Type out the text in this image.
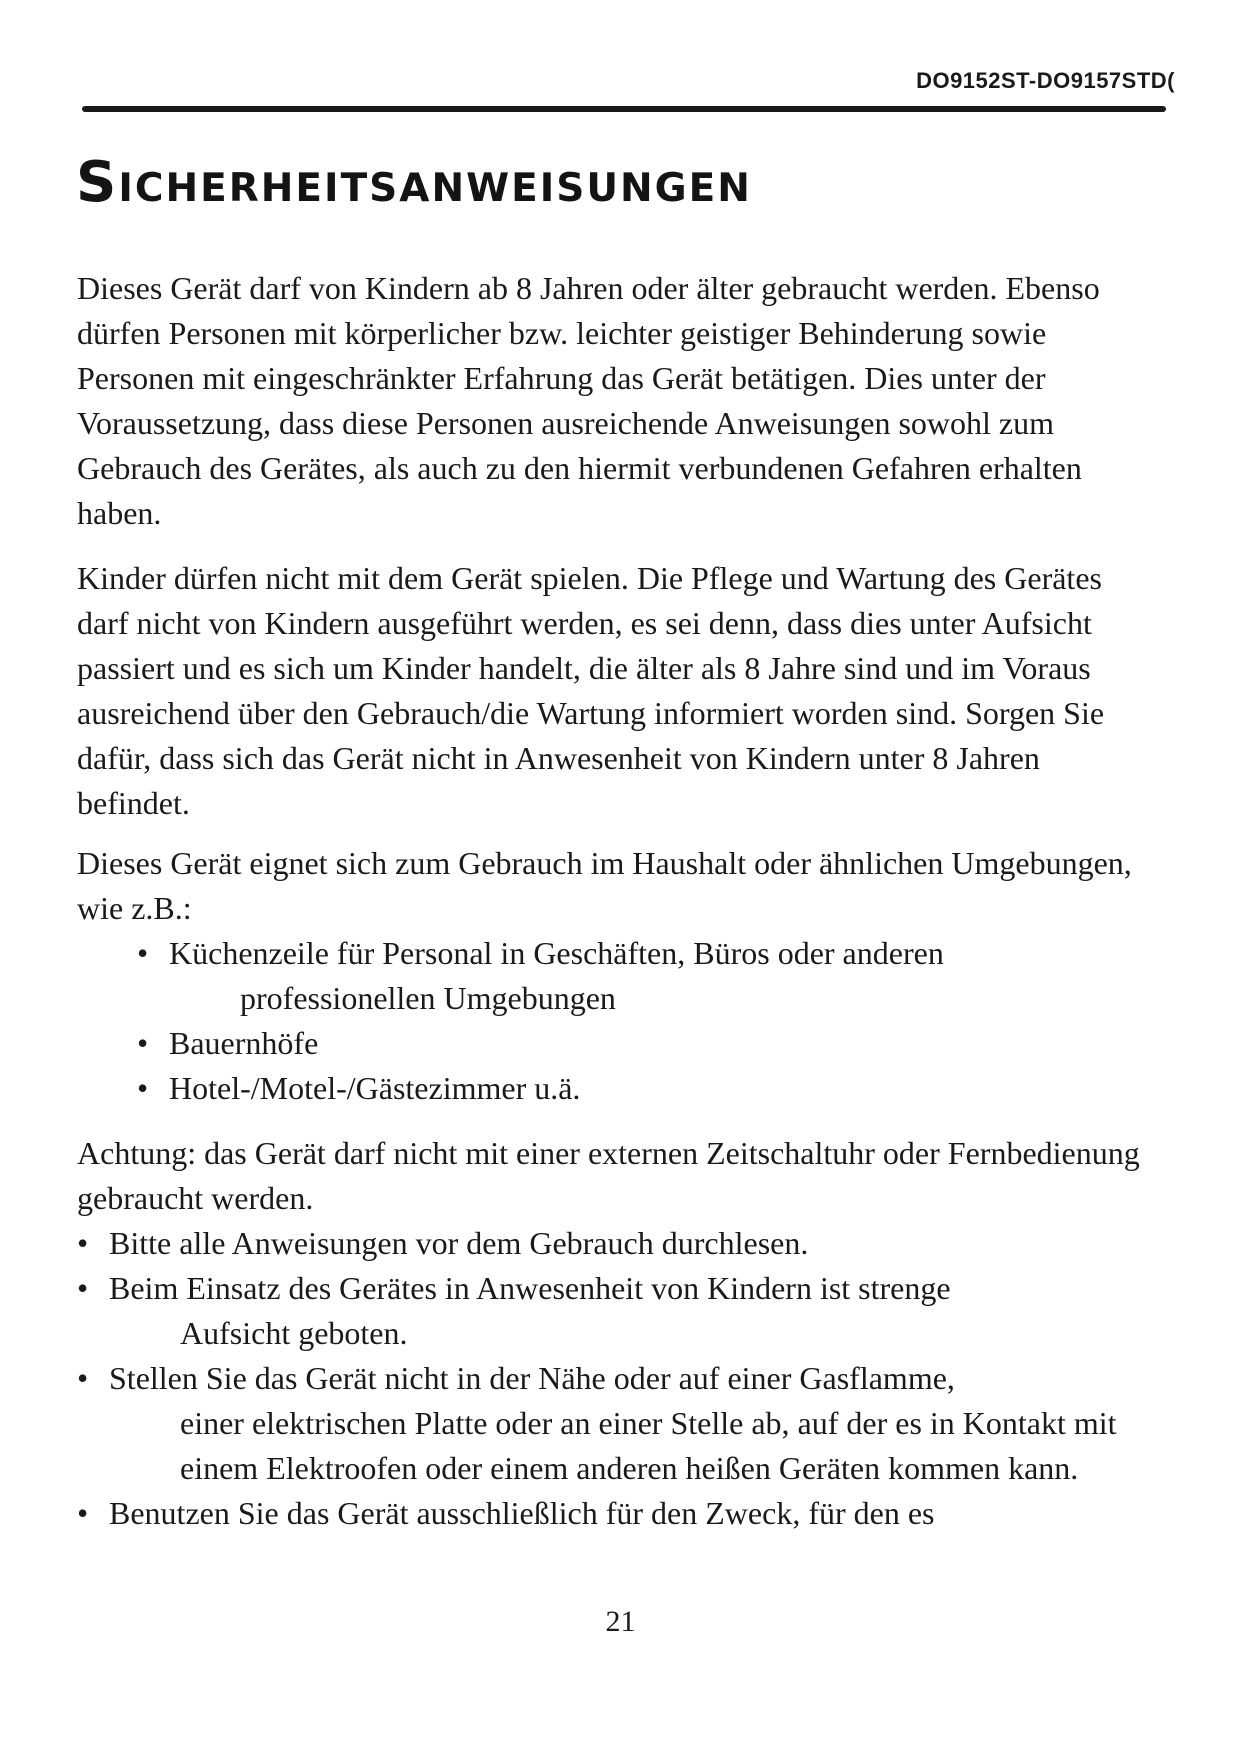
DO9152ST-DO9157STD(
Sicherheitsanweisungen

Dieses Gerät darf von Kindern ab 8 Jahren oder älter gebraucht werden. Ebenso dürfen Personen mit körperlicher bzw. leichter geistiger Behinderung sowie Personen mit eingeschränkter Erfahrung das Gerät betätigen. Dies unter der Voraussetzung, dass diese Personen ausreichende Anweisungen sowohl zum Gebrauch des Gerätes, als auch zu den hiermit verbundenen Gefahren erhalten haben.

Kinder dürfen nicht mit dem Gerät spielen. Die Pflege und Wartung des Gerätes darf nicht von Kindern ausgeführt werden, es sei denn, dass dies unter Aufsicht passiert und es sich um Kinder handelt, die älter als 8 Jahre sind und im Voraus ausreichend über den Gebrauch/die Wartung informiert worden sind. Sorgen Sie dafür, dass sich das Gerät nicht in Anwesenheit von Kindern unter 8 Jahren befindet.

Dieses Gerät eignet sich zum Gebrauch im Haushalt oder ähnlichen Umgebungen, wie z.B.:

• Küchenzeile für Personal in Geschäften, Büros oder anderen
professionellen Umgebungen
• Bauernhöfe
• Hotel-/Motel-/Gästezimmer u.ä.

Achtung: das Gerät darf nicht mit einer externen Zeitschaltuhr oder Fernbedienung gebraucht werden.

• Bitte alle Anweisungen vor dem Gebrauch durchlesen.
• Beim Einsatz des Gerätes in Anwesenheit von Kindern ist strenge
Aufsicht geboten.
• Stellen Sie das Gerät nicht in der Nähe oder auf einer Gasflamme,
einer elektrischen Platte oder an einer Stelle ab, auf der es in Kontakt mit einem Elektroofen oder einem anderen heißen Geräten kommen kann.
• Benutzen Sie das Gerät ausschließlich für den Zweck, für den es
21
